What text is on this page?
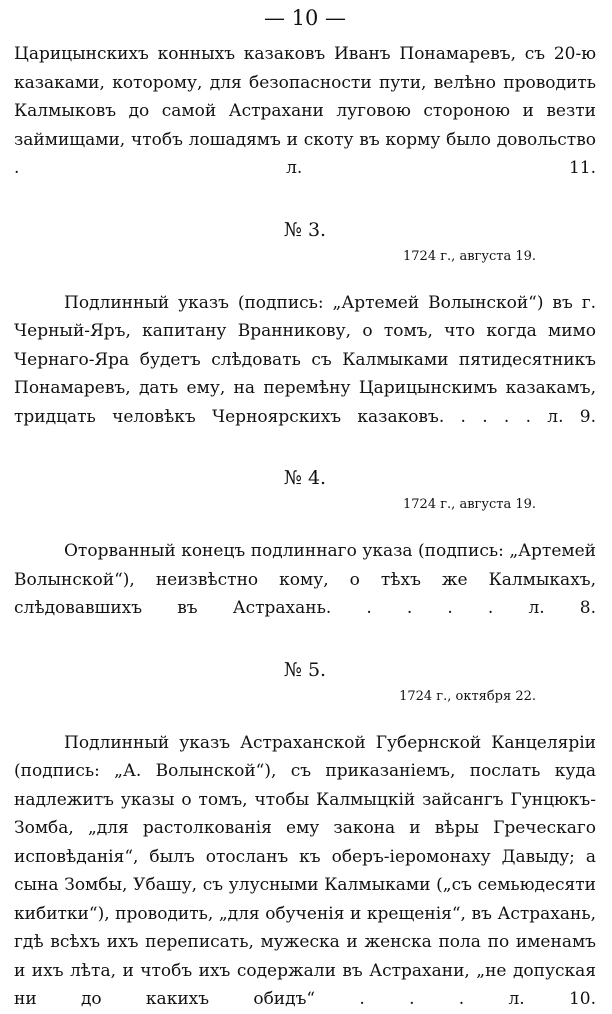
— 10 —
Царицынскихъ конныхъ казаковъ Иванъ Понамаревъ, съ 20-ю казаками, которому, для безопасности пути, велѣно проводить Калмыковъ до самой Астрахани луговою стороною и везти займищами, чтобъ лошадямъ и скоту въ корму было довольство . л. 11.
№ 3.
1724 г., августа 19.
Подлинный указъ (подпись: „Артемей Волынской“) въ г. Черный-Яръ, капитану Вранникову, о томъ, что когда мимо Чернаго-Яра будетъ слѣдовать съ Калмыками пятидесятникъ Понамаревъ, дать ему, на перемѣну Царицынскимъ казакамъ, тридцать человѣкъ Черноярскихъ казаковъ. . . . . л. 9.
№ 4.
1724 г., августа 19.
Оторванный конецъ подлиннаго указа (подпись: „Артемей Волынской“), неизвѣстно кому, о тѣхъ же Калмыкахъ, слѣдовавшихъ въ Астрахань. . . . . л. 8.
№ 5.
1724 г., октября 22.
Подлинный указъ Астраханской Губернской Канцеляріи (подпись: „А. Волынской“), съ приказаніемъ, послать куда надлежитъ указы о томъ, чтобы Калмыцкій зайсангъ Гунцюкъ-Зомба, „для растолкованія ему закона и вѣры Греческаго исповѣданія“, былъ отосланъ къ оберъ-іеромонаху Давыду; а сына Зомбы, Убашу, съ улусными Калмыками („съ семьюдесяти кибитки“), проводить, „для обученія и крещенія“, въ Астрахань, гдѣ всѣхъ ихъ переписать, мужеска и женска пола по именамъ и ихъ лѣта, и чтобъ ихъ содержали въ Астрахани, „не допуская ни до какихъ обидъ“	. . . л. 10.
